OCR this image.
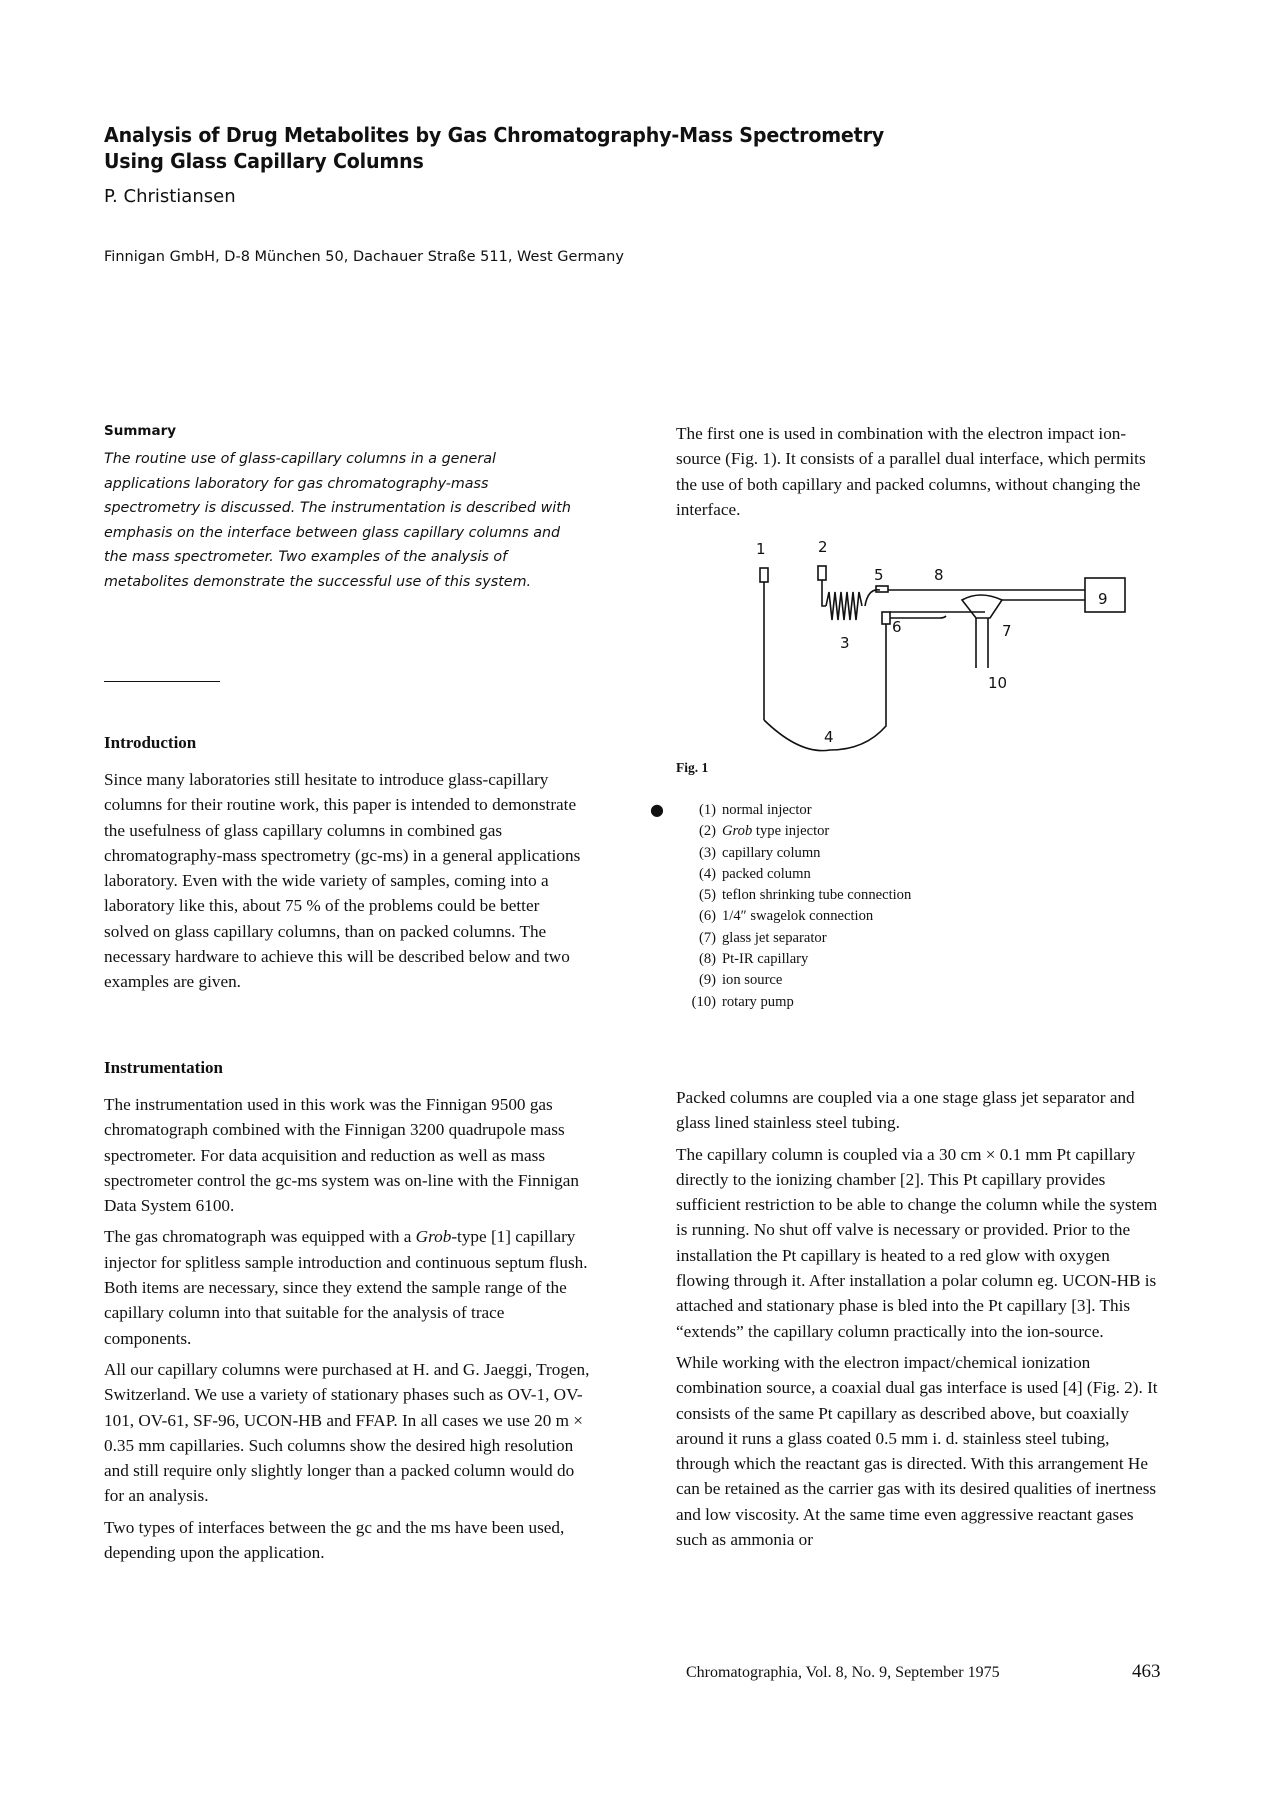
Analysis of Drug Metabolites by Gas Chromatography-Mass Spectrometry Using Glass Capillary Columns
P. Christiansen
Finnigan GmbH, D-8 München 50, Dachauer Straße 511, West Germany
Summary
The routine use of glass-capillary columns in a general applications laboratory for gas chromatography-mass spectrometry is discussed. The instrumentation is described with emphasis on the interface between glass capillary columns and the mass spectrometer. Two examples of the analysis of metabolites demonstrate the successful use of this system.
Introduction

Since many laboratories still hesitate to introduce glass-capillary columns for their routine work, this paper is intended to demonstrate the usefulness of glass capillary columns in combined gas chromatography-mass spectrometry (gc-ms) in a general applications laboratory. Even with the wide variety of samples, coming into a laboratory like this, about 75 % of the problems could be better solved on glass capillary columns, than on packed columns. The necessary hardware to achieve this will be described below and two examples are given.

Instrumentation

The instrumentation used in this work was the Finnigan 9500 gas chromatograph combined with the Finnigan 3200 quadrupole mass spectrometer. For data acquisition and reduction as well as mass spectrometer control the gc-ms system was on-line with the Finnigan Data System 6100.

The gas chromatograph was equipped with a Grob-type [1] capillary injector for splitless sample introduction and continuous septum flush. Both items are necessary, since they extend the sample range of the capillary column into that suitable for the analysis of trace components.

All our capillary columns were purchased at H. and G. Jaeggi, Trogen, Switzerland. We use a variety of stationary phases such as OV-1, OV-101, OV-61, SF-96, UCON-HB and FFAP. In all cases we use 20 m × 0.35 mm capillaries. Such columns show the desired high resolution and still require only slightly longer than a packed column would do for an analysis.

Two types of interfaces between the gc and the ms have been used, depending upon the application.

The first one is used in combination with the electron impact ion-source (Fig. 1). It consists of a parallel dual interface, which permits the use of both capillary and packed columns, without changing the interface.

1	2
3
4
5
6	7
8
9
10
Fig. 1
●	(1) normal injector
(2) Grob type injector
(3) capillary column
(4) packed column
(5) teflon shrinking tube connection
(6) 1/4″ swagelok connection
(7) glass jet separator
(8) Pt-IR capillary
(9) ion source
(10) rotary pump

Packed columns are coupled via a one stage glass jet separator and glass lined stainless steel tubing.

The capillary column is coupled via a 30 cm × 0.1 mm Pt capillary directly to the ionizing chamber [2]. This Pt capillary provides sufficient restriction to be able to change the column while the system is running. No shut off valve is necessary or provided. Prior to the installation the Pt capillary is heated to a red glow with oxygen flowing through it. After installation a polar column eg. UCON-HB is attached and stationary phase is bled into the Pt capillary [3]. This “extends” the capillary column practically into the ion-source.

While working with the electron impact/chemical ionization combination source, a coaxial dual gas interface is used [4] (Fig. 2). It consists of the same Pt capillary as described above, but coaxially around it runs a glass coated 0.5 mm i. d. stainless steel tubing, through which the reactant gas is directed. With this arrangement He can be retained as the carrier gas with its desired qualities of inertness and low viscosity. At the same time even aggressive reactant gases such as ammonia or

Chromatographia, Vol. 8, No. 9, September 1975	463
